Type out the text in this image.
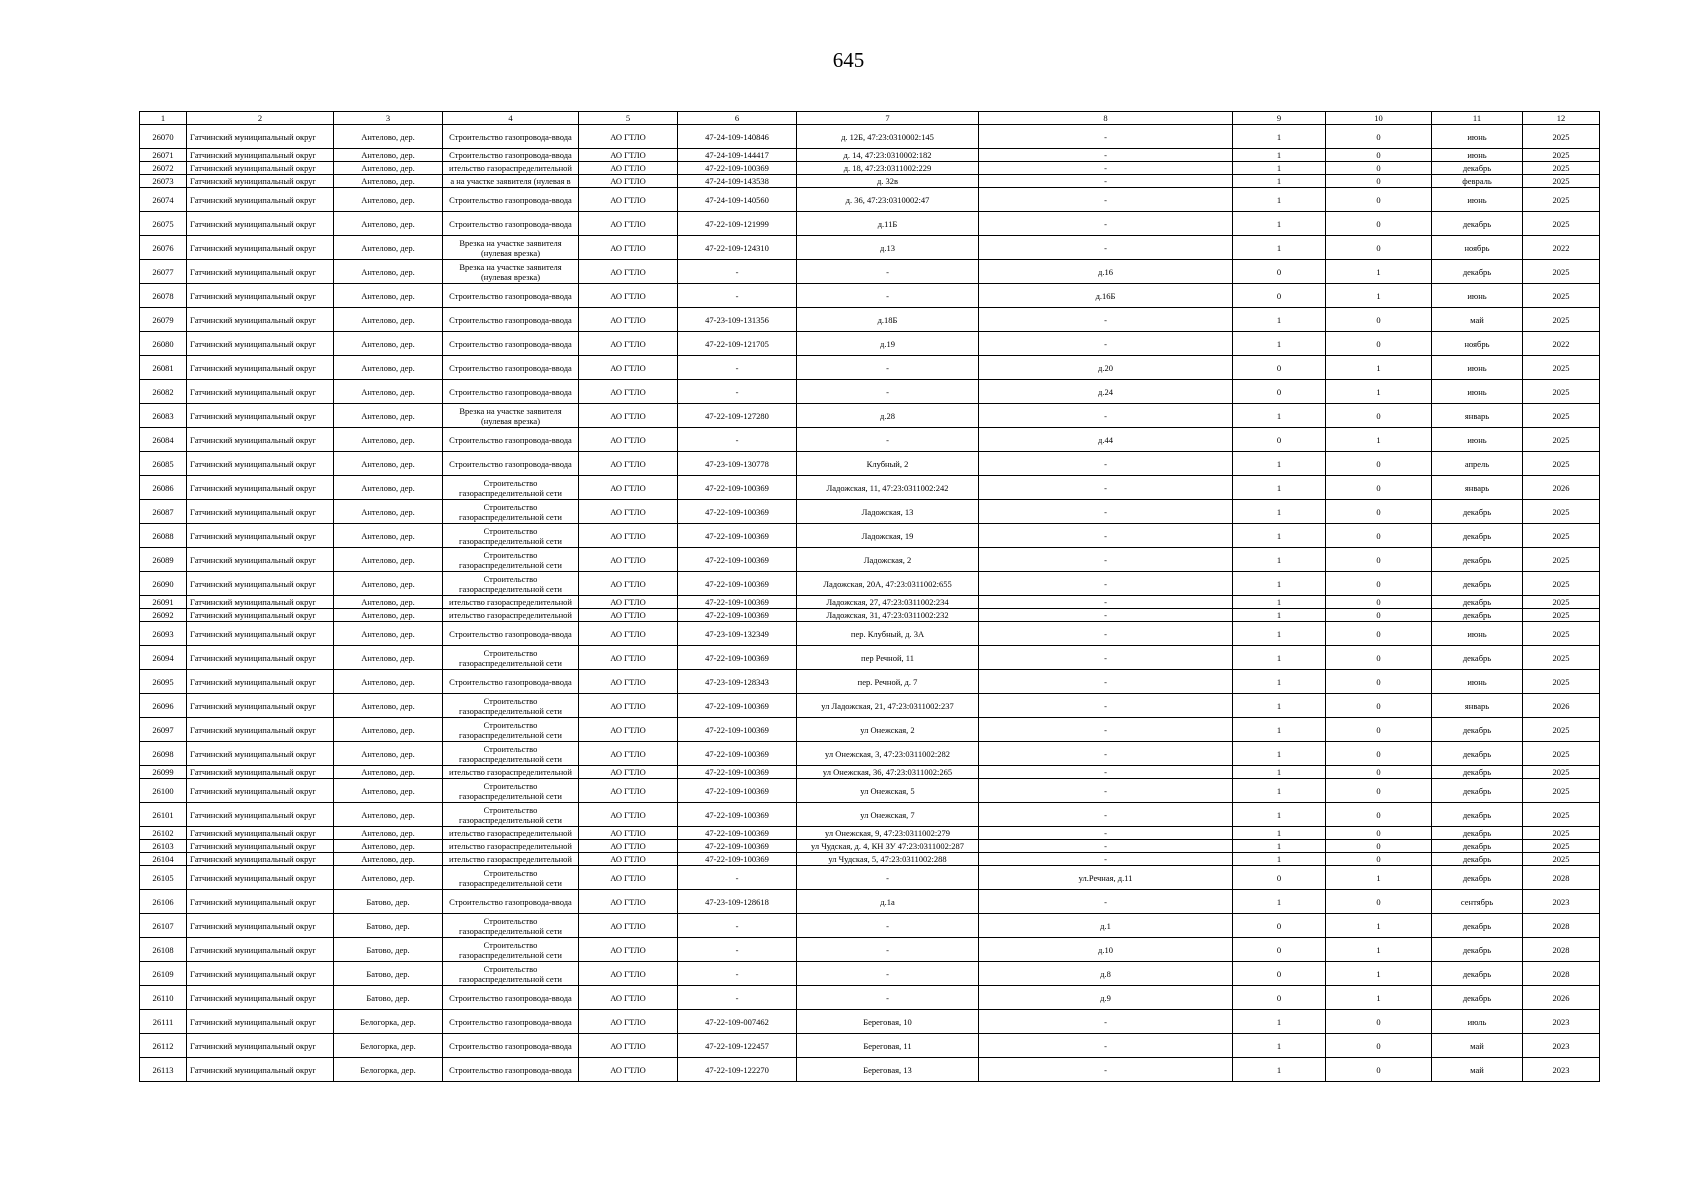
645
1	2	3	4	5	6	7	8	9	10	11	12
26070	Гатчинский муниципальный округ	Антелово, дер.	Строительство газопровода-ввода	АО ГТЛО	47-24-109-140846	д. 12Б, 47:23:0310002:145	-	1	0	июнь	2025
26071	Гатчинский муниципальный округ	Антелово, дер.	Строительство газопровода-ввода	АО ГТЛО	47-24-109-144417	д. 14, 47:23:0310002:182	-	1	0	июнь	2025
26072	Гатчинский муниципальный округ	Антелово, дер.	ительство газораспределительной	АО ГТЛО	47-22-109-100369	д. 18, 47:23:0311002:229	-	1	0	декабрь	2025
26073	Гатчинский муниципальный округ	Антелово, дер.	а на участке заявителя (нулевая в	АО ГТЛО	47-24-109-143538	д. 32в	-	1	0	февраль	2025
26074	Гатчинский муниципальный округ	Антелово, дер.	Строительство газопровода-ввода	АО ГТЛО	47-24-109-140560	д. 36, 47:23:0310002:47	-	1	0	июнь	2025
26075	Гатчинский муниципальный округ	Антелово, дер.	Строительство газопровода-ввода	АО ГТЛО	47-22-109-121999	д.11Б	-	1	0	декабрь	2025
26076	Гатчинский муниципальный округ	Антелово, дер.	Врезка на участке заявителя (нулевая врезка)	АО ГТЛО	47-22-109-124310	д.13	-	1	0	ноябрь	2022
26077	Гатчинский муниципальный округ	Антелово, дер.	Врезка на участке заявителя (нулевая врезка)	АО ГТЛО	-	-	д.16	0	1	декабрь	2025
26078	Гатчинский муниципальный округ	Антелово, дер.	Строительство газопровода-ввода	АО ГТЛО	-	-	д.16Б	0	1	июнь	2025
26079	Гатчинский муниципальный округ	Антелово, дер.	Строительство газопровода-ввода	АО ГТЛО	47-23-109-131356	д.18Б	-	1	0	май	2025
26080	Гатчинский муниципальный округ	Антелово, дер.	Строительство газопровода-ввода	АО ГТЛО	47-22-109-121705	д.19	-	1	0	ноябрь	2022
26081	Гатчинский муниципальный округ	Антелово, дер.	Строительство газопровода-ввода	АО ГТЛО	-	-	д.20	0	1	июнь	2025
26082	Гатчинский муниципальный округ	Антелово, дер.	Строительство газопровода-ввода	АО ГТЛО	-	-	д.24	0	1	июнь	2025
26083	Гатчинский муниципальный округ	Антелово, дер.	Врезка на участке заявителя (нулевая врезка)	АО ГТЛО	47-22-109-127280	д.28	-	1	0	январь	2025
26084	Гатчинский муниципальный округ	Антелово, дер.	Строительство газопровода-ввода	АО ГТЛО	-	-	д.44	0	1	июнь	2025
26085	Гатчинский муниципальный округ	Антелово, дер.	Строительство газопровода-ввода	АО ГТЛО	47-23-109-130778	Клубный, 2	-	1	0	апрель	2025
26086	Гатчинский муниципальный округ	Антелово, дер.	Строительство газораспределительной сети	АО ГТЛО	47-22-109-100369	Ладожская, 11, 47:23:0311002:242	-	1	0	январь	2026
26087	Гатчинский муниципальный округ	Антелово, дер.	Строительство газораспределительной сети	АО ГТЛО	47-22-109-100369	Ладожская, 13	-	1	0	декабрь	2025
26088	Гатчинский муниципальный округ	Антелово, дер.	Строительство газораспределительной сети	АО ГТЛО	47-22-109-100369	Ладожская, 19	-	1	0	декабрь	2025
26089	Гатчинский муниципальный округ	Антелово, дер.	Строительство газораспределительной сети	АО ГТЛО	47-22-109-100369	Ладожская, 2	-	1	0	декабрь	2025
26090	Гатчинский муниципальный округ	Антелово, дер.	Строительство газораспределительной сети	АО ГТЛО	47-22-109-100369	Ладожская, 20А, 47:23:0311002:655	-	1	0	декабрь	2025
26091	Гатчинский муниципальный округ	Антелово, дер.	ительство газораспределительной	АО ГТЛО	47-22-109-100369	Ладожская, 27, 47:23:0311002:234	-	1	0	декабрь	2025
26092	Гатчинский муниципальный округ	Антелово, дер.	ительство газораспределительной	АО ГТЛО	47-22-109-100369	Ладожская, 31, 47:23:0311002:232	-	1	0	декабрь	2025
26093	Гатчинский муниципальный округ	Антелово, дер.	Строительство газопровода-ввода	АО ГТЛО	47-23-109-132349	пер. Клубный, д. 3А	-	1	0	июнь	2025
26094	Гатчинский муниципальный округ	Антелово, дер.	Строительство газораспределительной сети	АО ГТЛО	47-22-109-100369	пер Речной, 11	-	1	0	декабрь	2025
26095	Гатчинский муниципальный округ	Антелово, дер.	Строительство газопровода-ввода	АО ГТЛО	47-23-109-128343	пер. Речной, д. 7	-	1	0	июнь	2025
26096	Гатчинский муниципальный округ	Антелово, дер.	Строительство газораспределительной сети	АО ГТЛО	47-22-109-100369	ул Ладожская, 21, 47:23:0311002:237	-	1	0	январь	2026
26097	Гатчинский муниципальный округ	Антелово, дер.	Строительство газораспределительной сети	АО ГТЛО	47-22-109-100369	ул Онежская, 2	-	1	0	декабрь	2025
26098	Гатчинский муниципальный округ	Антелово, дер.	Строительство газораспределительной сети	АО ГТЛО	47-22-109-100369	ул Онежская, 3, 47:23:0311002:282	-	1	0	декабрь	2025
26099	Гатчинский муниципальный округ	Антелово, дер.	ительство газораспределительной	АО ГТЛО	47-22-109-100369	ул Онежская, 36, 47:23:0311002:265	-	1	0	декабрь	2025
26100	Гатчинский муниципальный округ	Антелово, дер.	Строительство газораспределительной сети	АО ГТЛО	47-22-109-100369	ул Онежская, 5	-	1	0	декабрь	2025
26101	Гатчинский муниципальный округ	Антелово, дер.	Строительство газораспределительной сети	АО ГТЛО	47-22-109-100369	ул Онежская, 7	-	1	0	декабрь	2025
26102	Гатчинский муниципальный округ	Антелово, дер.	ительство газораспределительной	АО ГТЛО	47-22-109-100369	ул Онежская, 9, 47:23:0311002:279	-	1	0	декабрь	2025
26103	Гатчинский муниципальный округ	Антелово, дер.	ительство газораспределительной	АО ГТЛО	47-22-109-100369	ул Чудская, д. 4, КН ЗУ 47:23:0311002:287	-	1	0	декабрь	2025
26104	Гатчинский муниципальный округ	Антелово, дер.	ительство газораспределительной	АО ГТЛО	47-22-109-100369	ул Чудская, 5, 47:23:0311002:288	-	1	0	декабрь	2025
26105	Гатчинский муниципальный округ	Антелово, дер.	Строительство газораспределительной сети	АО ГТЛО	-	-	ул.Речная, д.11	0	1	декабрь	2028
26106	Гатчинский муниципальный округ	Батово, дер.	Строительство газопровода-ввода	АО ГТЛО	47-23-109-128618	д.1а	-	1	0	сентябрь	2023
26107	Гатчинский муниципальный округ	Батово, дер.	Строительство газораспределительной сети	АО ГТЛО	-	-	д.1	0	1	декабрь	2028
26108	Гатчинский муниципальный округ	Батово, дер.	Строительство газораспределительной сети	АО ГТЛО	-	-	д.10	0	1	декабрь	2028
26109	Гатчинский муниципальный округ	Батово, дер.	Строительство газораспределительной сети	АО ГТЛО	-	-	д.8	0	1	декабрь	2028
26110	Гатчинский муниципальный округ	Батово, дер.	Строительство газопровода-ввода	АО ГТЛО	-	-	д.9	0	1	декабрь	2026
26111	Гатчинский муниципальный округ	Белогорка, дер.	Строительство газопровода-ввода	АО ГТЛО	47-22-109-007462	Береговая, 10	-	1	0	июль	2023
26112	Гатчинский муниципальный округ	Белогорка, дер.	Строительство газопровода-ввода	АО ГТЛО	47-22-109-122457	Береговая, 11	-	1	0	май	2023
26113	Гатчинский муниципальный округ	Белогорка, дер.	Строительство газопровода-ввода	АО ГТЛО	47-22-109-122270	Береговая, 13	-	1	0	май	2023
